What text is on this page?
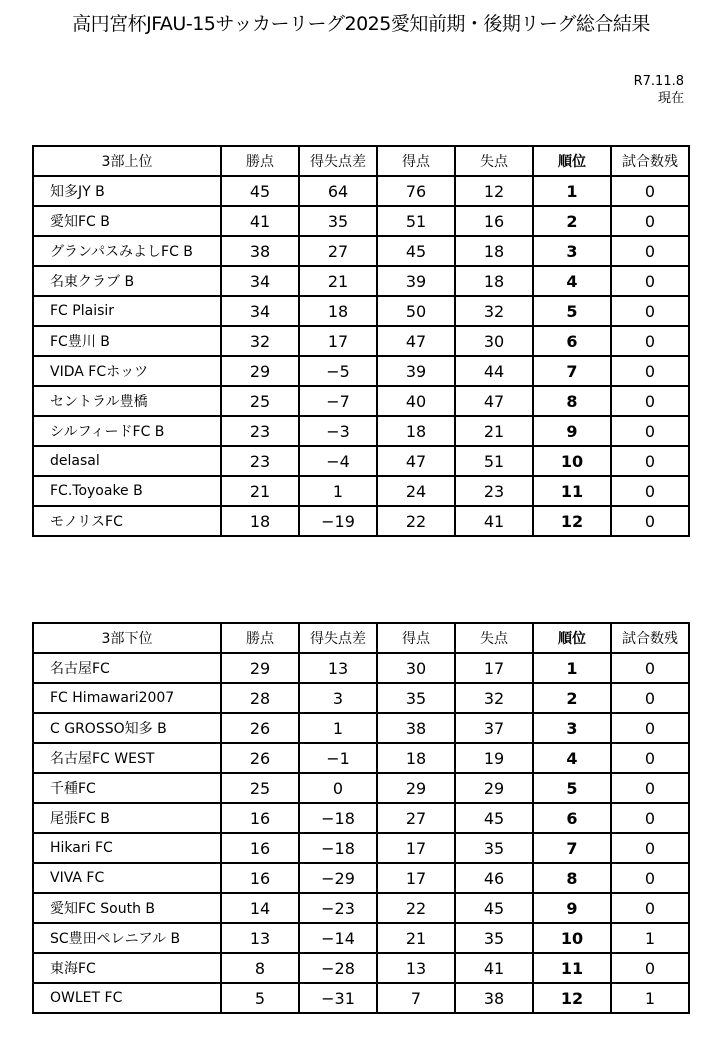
高円宮杯JFAU-15サッカーリーグ2025愛知前期・後期リーグ総合結果
R7.11.8
現在
3部上位	勝点	得失点差	得点	失点	順位	試合数残
知多JY B	45	64	76	12	1	0
愛知FC B	41	35	51	16	2	0
グランパスみよしFC B	38	27	45	18	3	0
名東クラブ B	34	21	39	18	4	0
FC Plaisir	34	18	50	32	5	0
FC豊川 B	32	17	47	30	6	0
VIDA FCホッツ	29	−5	39	44	7	0
セントラル豊橋	25	−7	40	47	8	0
シルフィードFC B	23	−3	18	21	9	0
delasal	23	−4	47	51	10	0
FC.Toyoake B	21	1	24	23	11	0
モノリスFC	18	−19	22	41	12	0
3部下位	勝点	得失点差	得点	失点	順位	試合数残
名古屋FC	29	13	30	17	1	0
FC Himawari2007	28	3	35	32	2	0
C GROSSO知多 B	26	1	38	37	3	0
名古屋FC WEST	26	−1	18	19	4	0
千種FC	25	0	29	29	5	0
尾張FC B	16	−18	27	45	6	0
Hikari FC	16	−18	17	35	7	0
VIVA FC	16	−29	17	46	8	0
愛知FC South B	14	−23	22	45	9	0
SC豊田ペレニアル B	13	−14	21	35	10	1
東海FC	8	−28	13	41	11	0
OWLET FC	5	−31	7	38	12	1
